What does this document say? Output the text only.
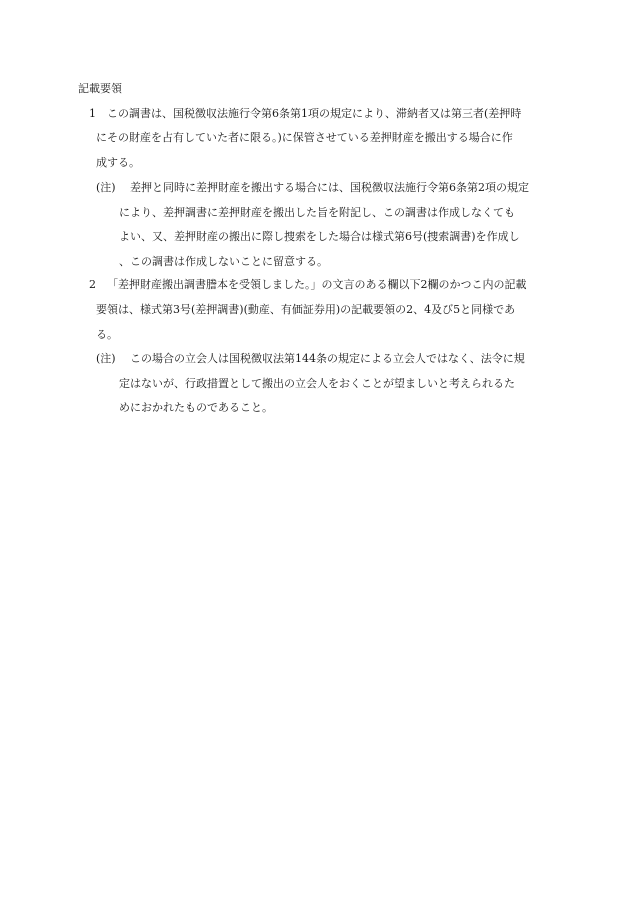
記載要領
1 この調書は、国税徴収法施行令第6条第1項の規定により、滞納者又は第三者(差押時
にその財産を占有していた者に限る。)に保管させている差押財産を搬出する場合に作
成する。
(注) 差押と同時に差押財産を搬出する場合には、国税徴収法施行令第6条第2項の規定
により、差押調書に差押財産を搬出した旨を附記し、この調書は作成しなくても
よい、又、差押財産の搬出に際し捜索をした場合は様式第6号(捜索調書)を作成し
、この調書は作成しないことに留意する。
2 「差押財産搬出調書謄本を受領しました。」の文言のある欄以下2欄のかつこ内の記載
要領は、様式第3号(差押調書)(動産、有価証券用)の記載要領の2、4及び5と同様であ
る。
(注) この場合の立会人は国税徴収法第144条の規定による立会人ではなく、法令に規
定はないが、行政措置として搬出の立会人をおくことが望ましいと考えられるた
めにおかれたものであること。
